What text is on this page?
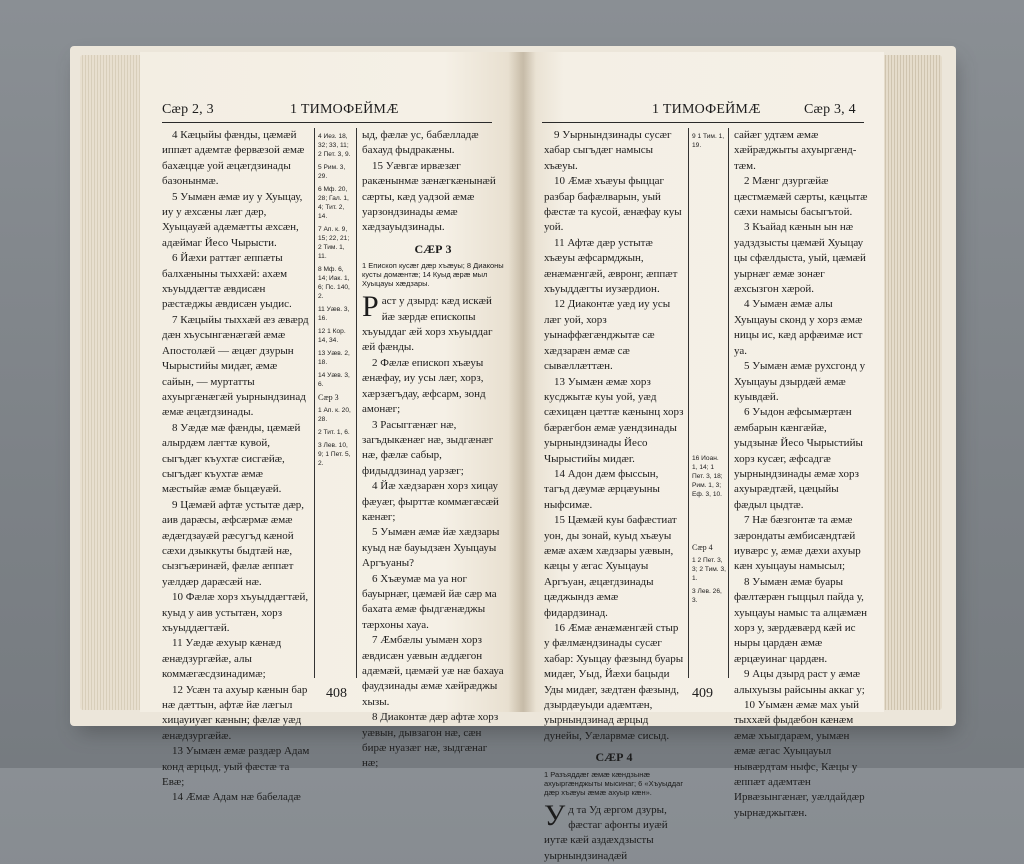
Сæр 2, 3	1 ТИМОФЕЙМÆ

4 Кæцыйы фæнды, цæмæй иппæт адæмтæ фервæзой æмæ бахæццæ уой æцæгдзинады базонынмæ.

5 Уымæн æмæ иу у Хуыцау, иу у æхсæны лæг дæр, Хуыцауæй адæмæтты æхсæн, адæймаг Йесо Чырысти.

6 Йæхи раттæг æппæты балхæныны тыххæй: ахæм хъуыддæгтæ æвдисæн рæстæджы æвдисæн уыдис.

7 Кæцыйы тыххæй æз æвæрд дæн хъусынгæнæгæй æмæ Апостолæй — æцæг дзурын Чырыстийы мидæг, æмæ сайын, — муртатты ахуыргæнæгæй уырнындзинад æмæ æцæгдзинады.

8 Уæдæ мæ фæнды, цæмæй алырдæм лæгтæ кувой, сыгъдæг къухтæ сисгæйæ, сыгъдæг къухтæ æмæ мæстыйæ æмæ быцæуæй.

9 Цæмæй афтæ устытæ дæр, аив дарæсы, æфсæрмæ æмæ æдæгдзауæй рæсугъд кæной сæхи дзыккуты быдтæй нæ, сызгъæринæй, фæлæ æппæт уæлдæр дарæсæй нæ.

10 Фæлæ хорз хъуыддæгтæй, куыд у аив устытæн, хорз хъуыддæгтæй.

11 Уæдæ æхуыр кæнæд æнæдзургæйæ, алы коммæгæсдзинадимæ;

12 Усæн та ахуыр кæнын бар нæ дæттын, афтæ йæ лæгыл хицауиуæг кæнын; фæлæ уæд æнæдзургæйæ.

13 Уымæн æмæ раздæр Адам конд æрцыд, уый фæстæ та Евæ;

14 Æмæ Адам нæ бабеладæ

4 Иез. 18, 32; 33, 11; 2 Пет. 3, 9.
5 Рим. 3, 29.
6 Мф. 20, 28; Гал. 1, 4; Тит. 2, 14.
7 Ап. к. 9, 15; 22, 21; 2 Тим. 1, 11.
8 Мф. 6, 14; Иак. 1, 6; Пс. 140, 2.
11 Уæв. 3, 16.
12 1 Кор. 14, 34.
13 Уæв. 2, 18.
14 Уæв. 3, 6.
Сæр 3
1 Ап. к. 20, 28.
2 Тит. 1, 6.
3 Лев. 10, 9; 1 Пет. 5, 2.

ыд, фæлæ ус, бабæлладæ бахауд фыдракæны.

15 Уæвгæ ирвæзæг ракæнынмæ зæнæгкæнынæй сæрты, кæд уадзой æмæ уарзондзинады æмæ хæдзауыдзинады.

СÆР 3
1 Епископ кусæг дæр хъæуы; 8 Диаконы кусты домæнтæ; 14 Куыд æрæ мыл Хуыцауы хæдзары.

Раст у дзырд: кæд искæй йæ зæрдæ епископы хъуыддаг æй хорз хъуыддаг æй фæнды.

2 Фæлæ епископ хъæуы æнæфау, иу усы лæг, хорз, хæрзæгъдау, æфсарм, зонд амонæг;

3 Расыггæнæг нæ, загъдыкæнæг нæ, зыдгæнæг нæ, фæлæ сабыр, фидыддзинад уарзæг;

4 Йæ хæдзарæн хорз хицау фæуæг, фырттæ коммæгæсæй кæнæг;

5 Уымæн æмæ йæ хæдзары куыд нæ бауыдзæн Хуыцауы Аргъуаны?

6 Хъæумæ ма уа ног бауырнæг, цæмæй йæ сæр ма бахата æмæ фыдгæнæджы тæрхоны хауа.

7 Æмбæлы уымæн хорз æвдисæн уæвын æддæгон адæмæй, цæмæй уæ нæ бахауа фаудзинады æмæ хæйрæджы хызы.

8 Диаконтæ дæр афтæ хорз уæвын, дывзагон нæ, сæн бирæ нуазæг нæ, зыдгæнаг нæ;

408
1 ТИМОФЕЙМÆ	Сæр 3, 4

9 Уырнындзинады сусæг хабар сыгъдæг намысы хъæуы.

10 Æмæ хъæуы фыццаг разбар бафæлварын, уый фæстæ та кусой, æнæфау куы уой.

11 Афтæ дæр устытæ хъæуы æфсармджын, æнæмæнгæй, æвронг, æппæт хъуыддæгты иузæрдион.

12 Диаконтæ уæд иу усы лæг уой, хорз уынаффæгæнджытæ сæ хæдзарæн æмæ сæ сывæллæттæн.

13 Уымæн æмæ хорз кусджытæ куы уой, уæд сæхицæн цæттæ кæнынц хорз бæрæгбон æмæ уæндзинады уырнындзинады Йесо Чырыстийы мидæг.

14 Адон дæм фыссын, тагъд дæумæ æрцæуыны ныфсимæ.

15 Цæмæй куы бафæстиат уон, ды зонай, куыд хъæуы æмæ ахæм хæдзары уæвын, кæцы у æгас Хуыцауы Аргъуан, æцæгдзинады цæджындз æмæ фидардзинад.

16 Æмæ æнæмæнгæй стыр у фæлмæндзинады сусæг хабар: Хуыцау фæзынд буары мидæг, Уыд, Йæхи бацыди Уды мидæг, зæдтæн фæзынд, дзырдæуыди адæмтæн, уырнындзинад æрцыд дунейы, Уæларвмæ сисыд.

СÆР 4
1 Разъяддæг æмæ кæндзынæ ахуыргæнджыты мысинаг; 6 «Хъуыддаг дæр хъæуы æмæ ахуыр кæн».

Уд та Уд æргом дзуры, фæстаг афонты иуæй иутæ кæй аздæхдзысты уырнындзинадæй

9 1 Тим. 1, 19.
16 Иоан. 1, 14; 1 Пет. 3, 18; Рим. 1, 3; Еф. 3, 10.
Сæр 4
1 2 Пет. 3, 3; 2 Тим. 3, 1.
3 Лев. 26, 3.

сайæг удтæм æмæ хæйрæджыты ахуыргæнд-тæм.

2 Мæнг дзургæйæ цæстмæмæй сæрты, кæцытæ сæхи намысы басыгътой.

3 Къайад кæнын ын нæ уадздзысты цæмæй Хуыцау цы сфæлдыста, уый, цæмæй уырнæг æмæ зонæг æхсызгон хæрой.

4 Уымæн æмæ алы Хуыцауы сконд у хорз æмæ ницы ис, кæд арфæимæ ист уа.

5 Уымæн æмæ рухсгонд у Хуыцауы дзырдæй æмæ куывдæй.

6 Уыдон æфсымæртæн æмбарын кæнгæйæ, уыдзынæ Йесо Чырыстийы хорз кусæг, æфсадгæ уырнындзинады æмæ хорз ахуырæдтæй, цæцыйы фæдыл цыдтæ.

7 Нæ бæзгонтæ та æмæ зæрондаты æмбисæндтæй иувæрс у, æмæ дæхи ахуыр кæн хуыцауы намысыл;

8 Уымæн æмæ буары фæлтæрæн гыццыл пайда у, хуыцауы намыс та алцæмæн хорз у, зæрдæвæрд кæй ис ныры цардæн æмæ æрцæуинаг цардæн.

9 Ацы дзырд раст у æмæ алыхуызы райсыны аккаг у;

10 Уымæн æмæ мах уый тыххæй фыдæбон кæнæм æмæ хъыгдарæм, уымæн æмæ æгас Хуыцауыл нывæрдтам ныфс, Кæцы у æппæт адæмтæн Ирвæзынгæнæг, уæлдайдæр уырнæджытæн.

409
